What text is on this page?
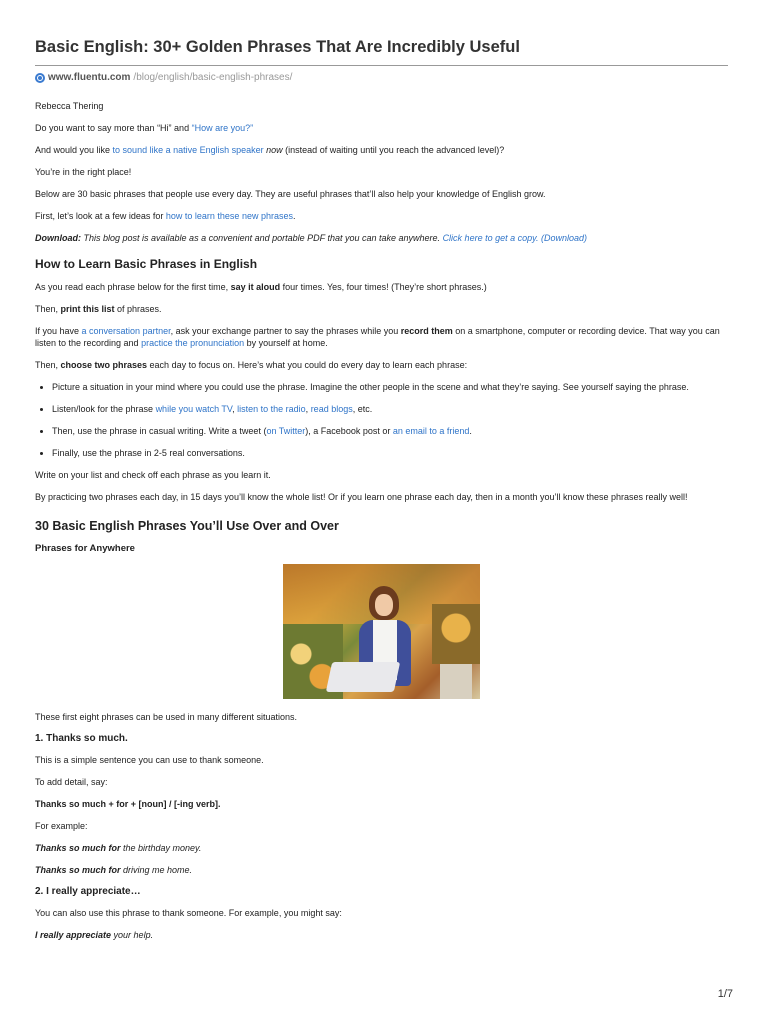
Basic English: 30+ Golden Phrases That Are Incredibly Useful
www.fluentu.com /blog/english/basic-english-phrases/

Rebecca Thering

Do you want to say more than “Hi” and “How are you?”

And would you like to sound like a native English speaker now (instead of waiting until you reach the advanced level)?

You’re in the right place!

Below are 30 basic phrases that people use every day. They are useful phrases that’ll also help your knowledge of English grow.

First, let’s look at a few ideas for how to learn these new phrases.

Download: This blog post is available as a convenient and portable PDF that you can take anywhere. Click here to get a copy. (Download)

How to Learn Basic Phrases in English

As you read each phrase below for the first time, say it aloud four times. Yes, four times! (They’re short phrases.)

Then, print this list of phrases.

If you have a conversation partner, ask your exchange partner to say the phrases while you record them on a smartphone, computer or recording device. That way you can listen to the recording and practice the pronunciation by yourself at home.

Then, choose two phrases each day to focus on. Here’s what you could do every day to learn each phrase:

• Picture a situation in your mind where you could use the phrase. Imagine the other people in the scene and what they’re saying. See yourself saying the phrase.
• Listen/look for the phrase while you watch TV, listen to the radio, read blogs, etc.
• Then, use the phrase in casual writing. Write a tweet (on Twitter), a Facebook post or an email to a friend.
• Finally, use the phrase in 2-5 real conversations.

Write on your list and check off each phrase as you learn it.

By practicing two phrases each day, in 15 days you’ll know the whole list! Or if you learn one phrase each day, then in a month you’ll know these phrases really well!

30 Basic English Phrases You’ll Use Over and Over
Phrases for Anywhere

These first eight phrases can be used in many different situations.

1. Thanks so much.

This is a simple sentence you can use to thank someone.

To add detail, say:

Thanks so much + for + [noun] / [-ing verb].

For example:

Thanks so much for the birthday money.

Thanks so much for driving me home.

2. I really appreciate…

You can also use this phrase to thank someone. For example, you might say:

I really appreciate your help.

1/7
